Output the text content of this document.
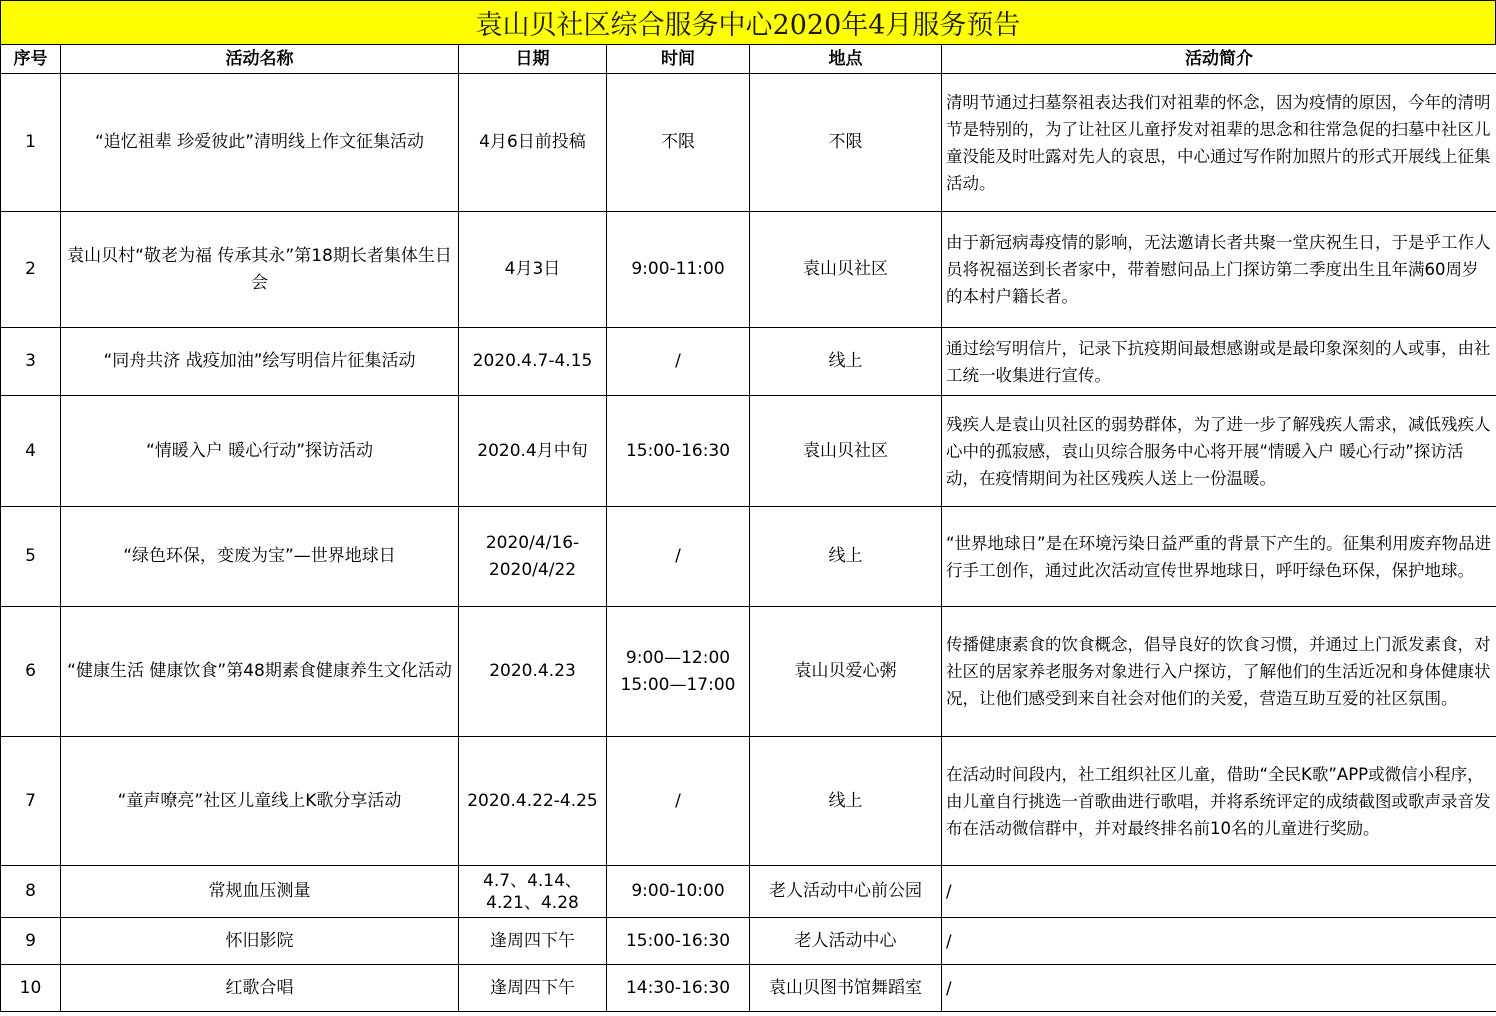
袁山贝社区综合服务中心2020年4月服务预告
序号	活动名称	日期	时间	地点	活动简介
1	“追忆祖辈 珍爱彼此”清明线上作文征集活动	4月6日前投稿	不限	不限	清明节通过扫墓祭祖表达我们对祖辈的怀念，因为疫情的原因，今年的清明节是特别的，为了让社区儿童抒发对祖辈的思念和往常急促的扫墓中社区儿童没能及时吐露对先人的哀思，中心通过写作附加照片的形式开展线上征集活动。
2	袁山贝村“敬老为福 传承其永”第18期长者集体生日会	4月3日	9:00-11:00	袁山贝社区	由于新冠病毒疫情的影响，无法邀请长者共聚一堂庆祝生日，于是乎工作人员将祝福送到长者家中，带着慰问品上门探访第二季度出生且年满60周岁的本村户籍长者。
3	“同舟共济 战疫加油”绘写明信片征集活动	2020.4.7-4.15	/	线上	通过绘写明信片，记录下抗疫期间最想感谢或是最印象深刻的人或事，由社工统一收集进行宣传。
4	“情暖入户 暖心行动”探访活动	2020.4月中旬	15:00-16:30	袁山贝社区	残疾人是袁山贝社区的弱势群体，为了进一步了解残疾人需求，减低残疾人心中的孤寂感，袁山贝综合服务中心将开展“情暖入户 暖心行动”探访活动，在疫情期间为社区残疾人送上一份温暖。
5	“绿色环保，变废为宝”—世界地球日	2020/4/16-2020/4/22	/	线上	“世界地球日”是在环境污染日益严重的背景下产生的。征集利用废弃物品进行手工创作，通过此次活动宣传世界地球日，呼吁绿色环保，保护地球。
6	“健康生活 健康饮食”第48期素食健康养生文化活动	2020.4.23	9:00—12:00 15:00—17:00	袁山贝爱心粥	传播健康素食的饮食概念，倡导良好的饮食习惯，并通过上门派发素食，对社区的居家养老服务对象进行入户探访，了解他们的生活近况和身体健康状况，让他们感受到来自社会对他们的关爱，营造互助互爱的社区氛围。
7	“童声嘹亮”社区儿童线上K歌分享活动	2020.4.22-4.25	/	线上	在活动时间段内，社工组织社区儿童，借助“全民K歌”APP或微信小程序，由儿童自行挑选一首歌曲进行歌唱，并将系统评定的成绩截图或歌声录音发布在活动微信群中，并对最终排名前10名的儿童进行奖励。
8	常规血压测量	4.7、4.14、4.21、4.28	9:00-10:00	老人活动中心前公园	/
9	怀旧影院	逢周四下午	15:00-16:30	老人活动中心	/
10	红歌合唱	逢周四下午	14:30-16:30	袁山贝图书馆舞蹈室	/
